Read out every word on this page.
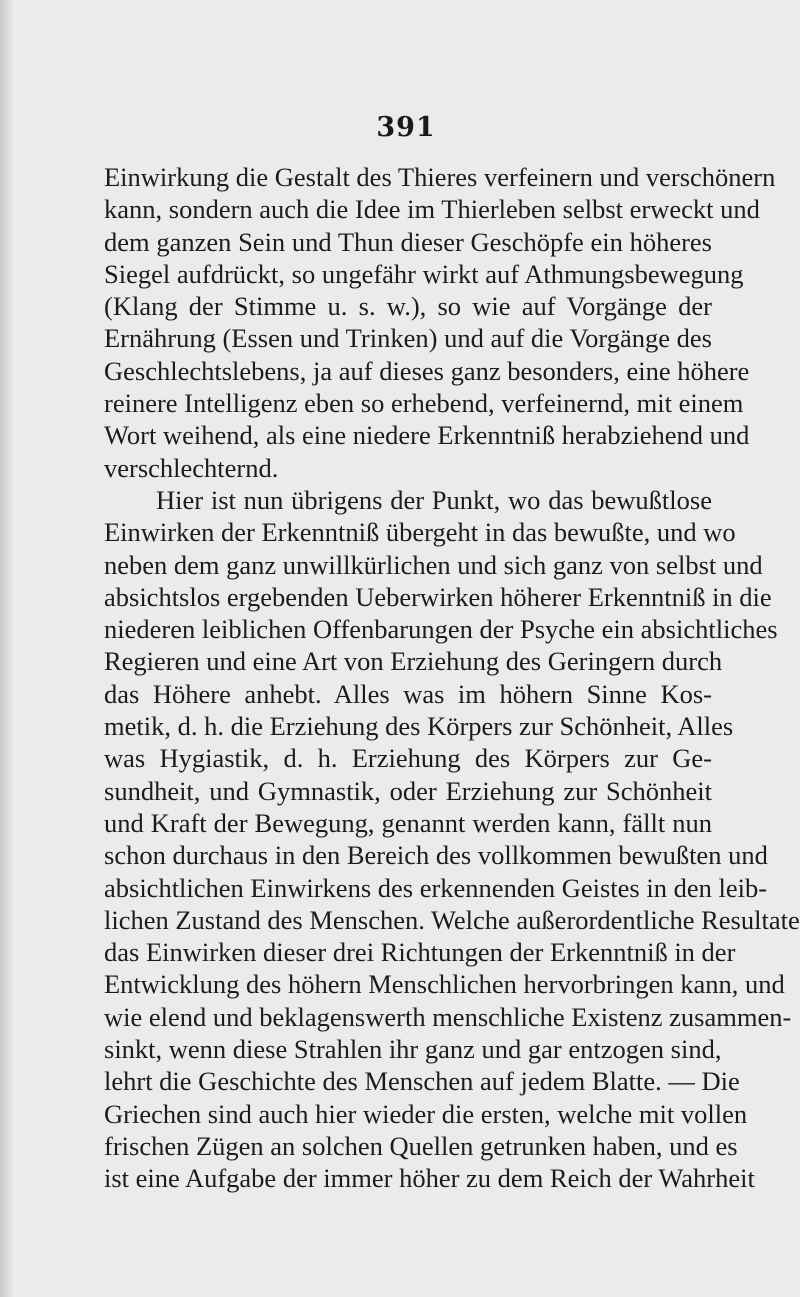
391
Einwirkung die Gestalt des Thieres verfeinern und verschönern
kann, sondern auch die Idee im Thierleben selbst erweckt und
dem ganzen Sein und Thun dieser Geschöpfe ein höheres
Siegel aufdrückt, so ungefähr wirkt auf Athmungsbewegung
(Klang der Stimme u. s. w.), so wie auf Vorgänge der
Ernährung (Essen und Trinken) und auf die Vorgänge des
Geschlechtslebens, ja auf dieses ganz besonders, eine höhere
reinere Intelligenz eben so erhebend, verfeinernd, mit einem
Wort weihend, als eine niedere Erkenntniß herabziehend und
verschlechternd.
Hier ist nun übrigens der Punkt, wo das bewußtlose
Einwirken der Erkenntniß übergeht in das bewußte, und wo
neben dem ganz unwillkürlichen und sich ganz von selbst und
absichtslos ergebenden Ueberwirken höherer Erkenntniß in die
niederen leiblichen Offenbarungen der Psyche ein absichtliches
Regieren und eine Art von Erziehung des Geringern durch
das Höhere anhebt. Alles was im höhern Sinne Kos-
metik, d. h. die Erziehung des Körpers zur Schönheit, Alles
was Hygiastik, d. h. Erziehung des Körpers zur Ge-
sundheit, und Gymnastik, oder Erziehung zur Schönheit
und Kraft der Bewegung, genannt werden kann, fällt nun
schon durchaus in den Bereich des vollkommen bewußten und
absichtlichen Einwirkens des erkennenden Geistes in den leib-
lichen Zustand des Menschen. Welche außerordentliche Resultate
das Einwirken dieser drei Richtungen der Erkenntniß in der
Entwicklung des höhern Menschlichen hervorbringen kann, und
wie elend und beklagenswerth menschliche Existenz zusammen-
sinkt, wenn diese Strahlen ihr ganz und gar entzogen sind,
lehrt die Geschichte des Menschen auf jedem Blatte. — Die
Griechen sind auch hier wieder die ersten, welche mit vollen
frischen Zügen an solchen Quellen getrunken haben, und es
ist eine Aufgabe der immer höher zu dem Reich der Wahrheit
